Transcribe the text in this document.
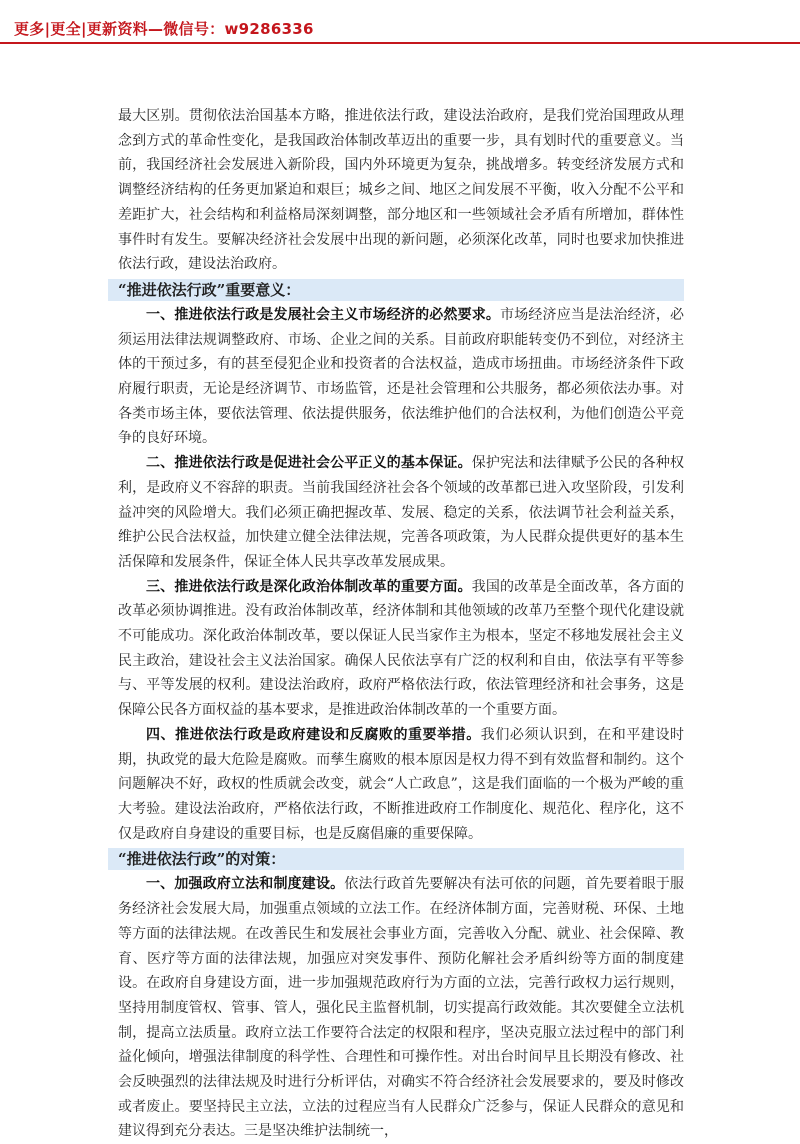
更多|更全|更新资料—微信号：w9286336

最大区别。贯彻依法治国基本方略，推进依法行政，建设法治政府，是我们党治国理政从理念到方式的革命性变化，是我国政治体制改革迈出的重要一步，具有划时代的重要意义。当前，我国经济社会发展进入新阶段，国内外环境更为复杂，挑战增多。转变经济发展方式和调整经济结构的任务更加紧迫和艰巨；城乡之间、地区之间发展不平衡，收入分配不公平和差距扩大，社会结构和利益格局深刻调整，部分地区和一些领域社会矛盾有所增加，群体性事件时有发生。要解决经济社会发展中出现的新问题，必须深化改革，同时也要求加快推进依法行政，建设法治政府。

“推进依法行政”重要意义：

一、推进依法行政是发展社会主义市场经济的必然要求。市场经济应当是法治经济，必须运用法律法规调整政府、市场、企业之间的关系。目前政府职能转变仍不到位，对经济主体的干预过多，有的甚至侵犯企业和投资者的合法权益，造成市场扭曲。市场经济条件下政府履行职责，无论是经济调节、市场监管，还是社会管理和公共服务，都必须依法办事。对各类市场主体，要依法管理、依法提供服务，依法维护他们的合法权利，为他们创造公平竞争的良好环境。

二、推进依法行政是促进社会公平正义的基本保证。保护宪法和法律赋予公民的各种权利，是政府义不容辞的职责。当前我国经济社会各个领域的改革都已进入攻坚阶段，引发利益冲突的风险增大。我们必须正确把握改革、发展、稳定的关系，依法调节社会利益关系，维护公民合法权益，加快建立健全法律法规，完善各项政策，为人民群众提供更好的基本生活保障和发展条件，保证全体人民共享改革发展成果。

三、推进依法行政是深化政治体制改革的重要方面。我国的改革是全面改革，各方面的改革必须协调推进。没有政治体制改革，经济体制和其他领域的改革乃至整个现代化建设就不可能成功。深化政治体制改革，要以保证人民当家作主为根本，坚定不移地发展社会主义民主政治，建设社会主义法治国家。确保人民依法享有广泛的权利和自由，依法享有平等参与、平等发展的权利。建设法治政府，政府严格依法行政，依法管理经济和社会事务，这是保障公民各方面权益的基本要求，是推进政治体制改革的一个重要方面。

四、推进依法行政是政府建设和反腐败的重要举措。我们必须认识到，在和平建设时期，执政党的最大危险是腐败。而孳生腐败的根本原因是权力得不到有效监督和制约。这个问题解决不好，政权的性质就会改变，就会“人亡政息”，这是我们面临的一个极为严峻的重大考验。建设法治政府，严格依法行政，不断推进政府工作制度化、规范化、程序化，这不仅是政府自身建设的重要目标，也是反腐倡廉的重要保障。

“推进依法行政”的对策：

一、加强政府立法和制度建设。依法行政首先要解决有法可依的问题，首先要着眼于服务经济社会发展大局，加强重点领域的立法工作。在经济体制方面，完善财税、环保、土地等方面的法律法规。在改善民生和发展社会事业方面，完善收入分配、就业、社会保障、教育、医疗等方面的法律法规，加强应对突发事件、预防化解社会矛盾纠纷等方面的制度建设。在政府自身建设方面，进一步加强规范政府行为方面的立法，完善行政权力运行规则，坚持用制度管权、管事、管人，强化民主监督机制，切实提高行政效能。其次要健全立法机制，提高立法质量。政府立法工作要符合法定的权限和程序，坚决克服立法过程中的部门利益化倾向，增强法律制度的科学性、合理性和可操作性。对出台时间早且长期没有修改、社会反映强烈的法律法规及时进行分析评估，对确实不符合经济社会发展要求的，要及时修改或者废止。要坚持民主立法，立法的过程应当有人民群众广泛参与，保证人民群众的意见和建议得到充分表达。三是坚决维护法制统一，
